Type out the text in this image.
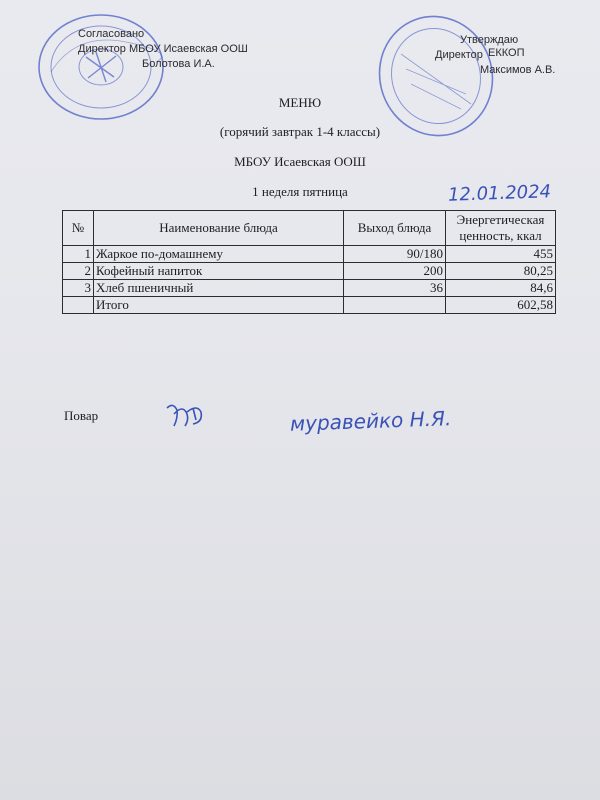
Согласовано
Директор МБОУ Исаевская ООШ
Болотова И.А.
Утверждаю
Директор ЕККОП
Максимов А.В.
МЕНЮ
(горячий завтрак 1-4 классы)
МБОУ Исаевская ООШ
1 неделя пятница	12.01.2024
№	Наименование блюда	Выход блюда	Энергетическая
ценность, ккал
1	Жаркое по-домашнему	90/180	455
2	Кофейный напиток	200	80,25
3	Хлеб пшеничный	36	84,6
	Итого		602,58
Повар	муравейко Н.Я.
